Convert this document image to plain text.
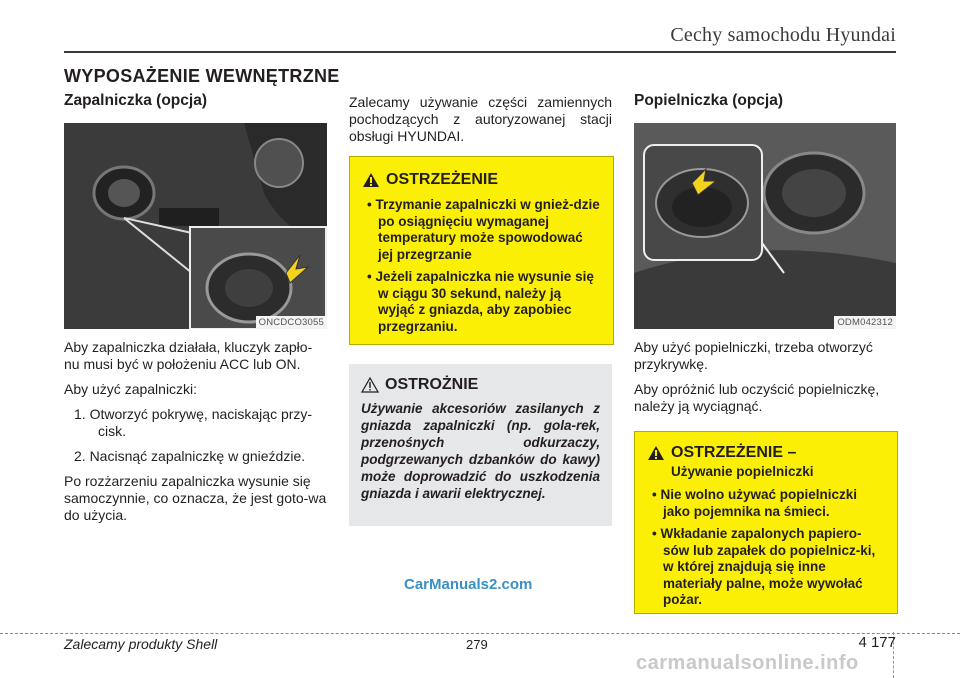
Cechy samochodu Hyundai
WYPOSAŻENIE WEWNĘTRZNE
Zapalniczka (opcja)
ONCDCO3055

Aby zapalniczka działała, kluczyk zapło-nu musi być w położeniu ACC lub ON.

Aby użyć zapalniczki:

1. Otworzyć pokrywę, naciskając przy-cisk.

2. Nacisnąć zapalniczkę w gnieździe.

Po rozżarzeniu zapalniczka wysunie się samoczynnie, co oznacza, że jest goto-wa do użycia.

Zalecamy używanie części zamiennych pochodzących z autoryzowanej stacji obsługi HYUNDAI.
OSTRZEŻENIE
• Trzymanie zapalniczki w gnież-dzie po osiągnięciu wymaganej temperatury może spowodować jej przegrzanie
• Jeżeli zapalniczka nie wysunie się w ciągu 30 sekund, należy ją wyjąć z gniazda, aby zapobiec przegrzaniu.
OSTROŻNIE
Używanie akcesoriów zasilanych z gniazda zapalniczki (np. gola-rek, przenośnych odkurzaczy, podgrzewanych dzbanków do kawy) może doprowadzić do uszkodzenia gniazda i awarii elektrycznej.
Popielniczka (opcja)
ODM042312

Aby użyć popielniczki, trzeba otworzyć przykrywkę.

Aby opróżnić lub oczyścić popielniczkę, należy ją wyciągnąć.

OSTRZEŻENIE –
Używanie popielniczki
• Nie wolno używać popielniczki jako pojemnika na śmieci.
• Wkładanie zapalonych papiero-sów lub zapałek do popielnicz-ki, w której znajdują się inne materiały palne, może wywołać pożar.
CarManuals2.com
Zalecamy produkty Shell	279	4 177
carmanualsonline.info
